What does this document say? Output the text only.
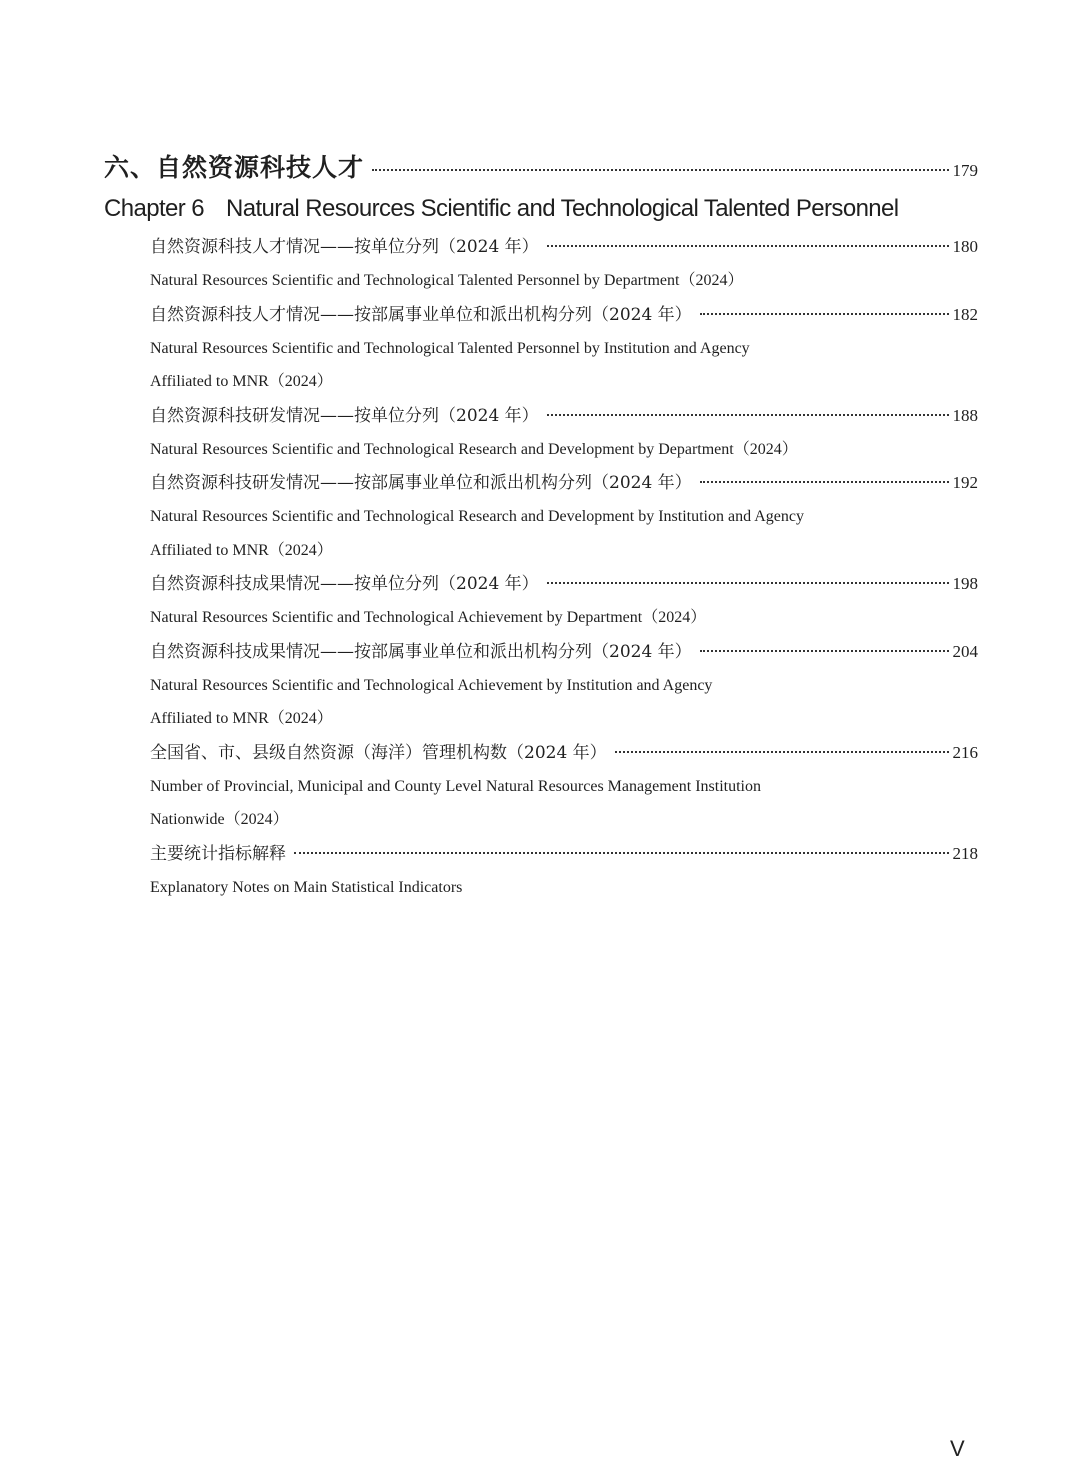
六、自然资源科技人才	179
Chapter 6 Natural Resources Scientific and Technological Talented Personnel
自然资源科技人才情况——按单位分列（2024 年）	180
Natural Resources Scientific and Technological Talented Personnel by Department（2024）
自然资源科技人才情况——按部属事业单位和派出机构分列（2024 年）	182
Natural Resources Scientific and Technological Talented Personnel by Institution and Agency
Affiliated to MNR（2024）
自然资源科技研发情况——按单位分列（2024 年）	188
Natural Resources Scientific and Technological Research and Development by Department（2024）
自然资源科技研发情况——按部属事业单位和派出机构分列（2024 年）	192
Natural Resources Scientific and Technological Research and Development by Institution and Agency
Affiliated to MNR（2024）
自然资源科技成果情况——按单位分列（2024 年）	198
Natural Resources Scientific and Technological Achievement by Department（2024）
自然资源科技成果情况——按部属事业单位和派出机构分列（2024 年）	204
Natural Resources Scientific and Technological Achievement by Institution and Agency
Affiliated to MNR（2024）
全国省、市、县级自然资源（海洋）管理机构数（2024 年）	216
Number of Provincial, Municipal and County Level Natural Resources Management Institution
Nationwide（2024）
主要统计指标解释	218
Explanatory Notes on Main Statistical Indicators
V
